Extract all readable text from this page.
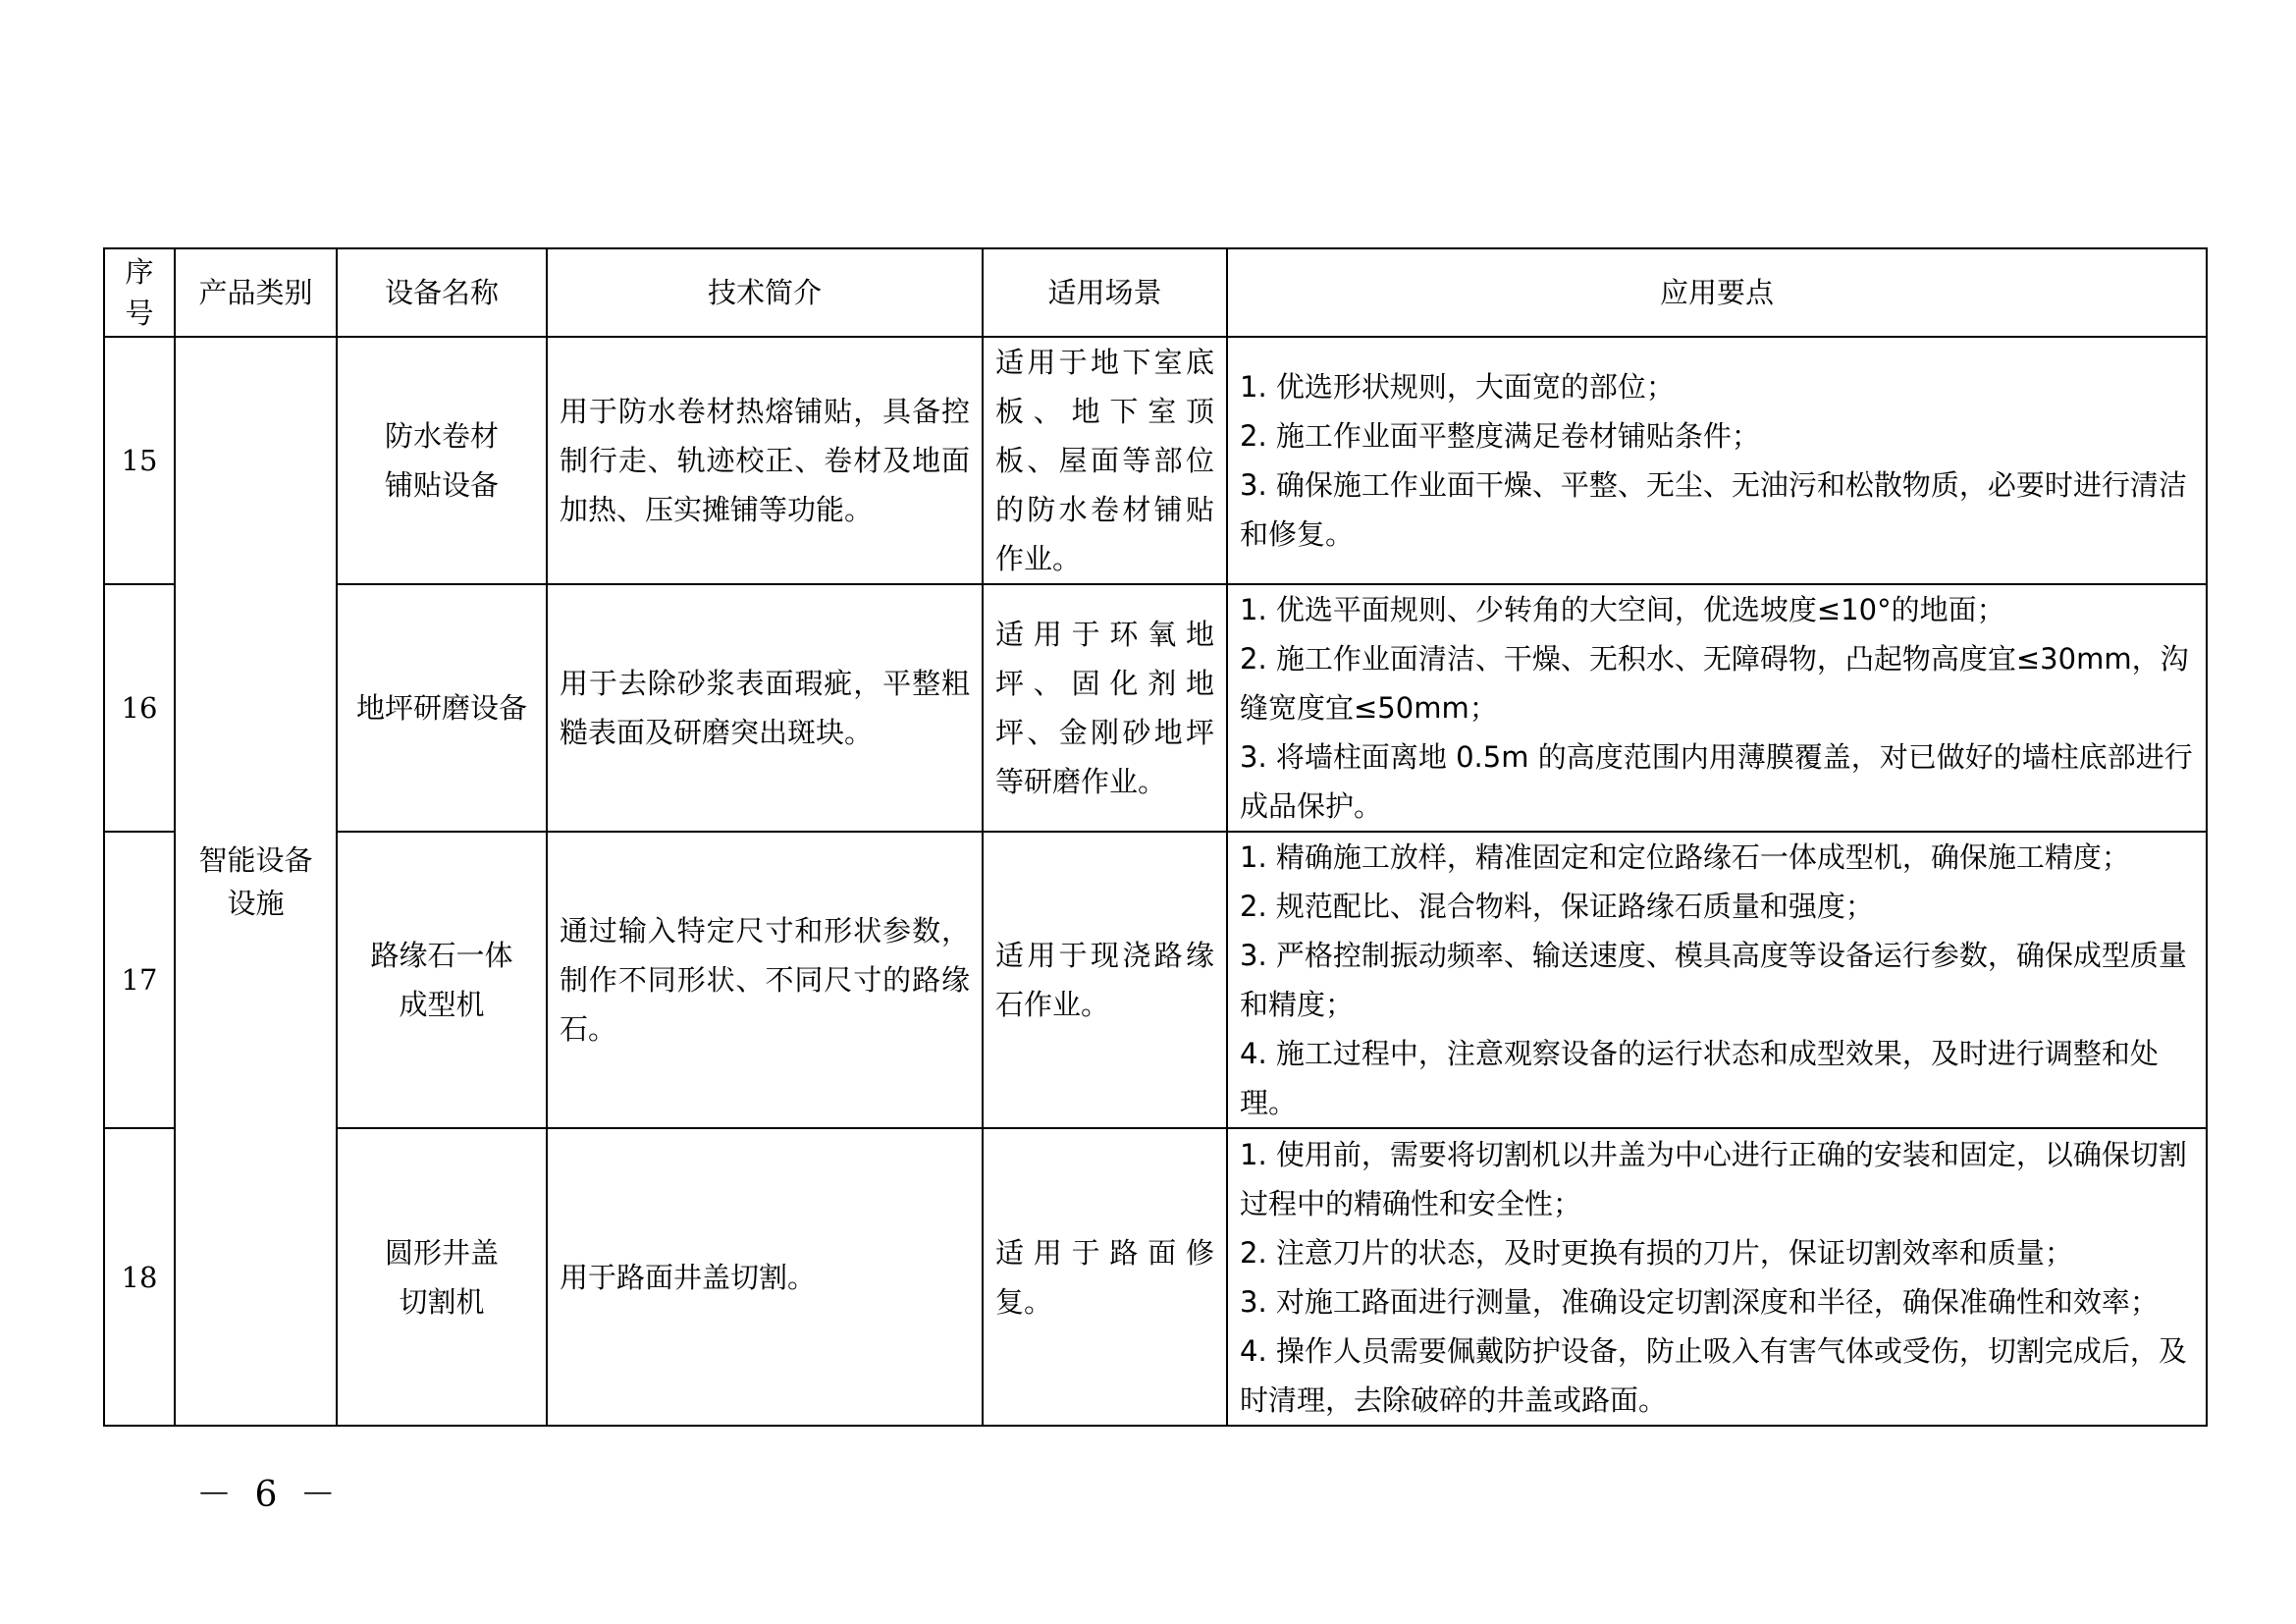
序号	产品类别	设备名称	技术简介	适用场景	应用要点
15	智能设备设施	防水卷材铺贴设备	用于防水卷材热熔铺贴，具备控制行走、轨迹校正、卷材及地面加热、压实摊铺等功能。	适用于地下室底板、地下室顶板、屋面等部位的防水卷材铺贴作业。	1. 优选形状规则，大面宽的部位；
2. 施工作业面平整度满足卷材铺贴条件；
3. 确保施工作业面干燥、平整、无尘、无油污和松散物质，必要时进行清洁和修复。

16		地坪研磨设备	用于去除砂浆表面瑕疵，平整粗糙表面及研磨突出斑块。	适用于环氧地坪、固化剂地坪、金刚砂地坪等研磨作业。	1. 优选平面规则、少转角的大空间，优选坡度≤10°的地面；
2. 施工作业面清洁、干燥、无积水、无障碍物，凸起物高度宜≤30mm，沟缝宽度宜≤50mm；
3. 将墙柱面离地 0.5m 的高度范围内用薄膜覆盖，对已做好的墙柱底部进行成品保护。

17		路缘石一体成型机	通过输入特定尺寸和形状参数，制作不同形状、不同尺寸的路缘石。	适用于现浇路缘石作业。	1. 精确施工放样，精准固定和定位路缘石一体成型机，确保施工精度；
2. 规范配比、混合物料，保证路缘石质量和强度；
3. 严格控制振动频率、输送速度、模具高度等设备运行参数，确保成型质量和精度；
4. 施工过程中，注意观察设备的运行状态和成型效果，及时进行调整和处理。

18		圆形井盖切割机	用于路面井盖切割。	适用于路面修复。	1. 使用前，需要将切割机以井盖为中心进行正确的安装和固定，以确保切割过程中的精确性和安全性；
2. 注意刀片的状态，及时更换有损的刀片，保证切割效率和质量；
3. 对施工路面进行测量，准确设定切割深度和半径，确保准确性和效率；
4. 操作人员需要佩戴防护设备，防止吸入有害气体或受伤，切割完成后，及时清理，去除破碎的井盖或路面。
－ 6 －
